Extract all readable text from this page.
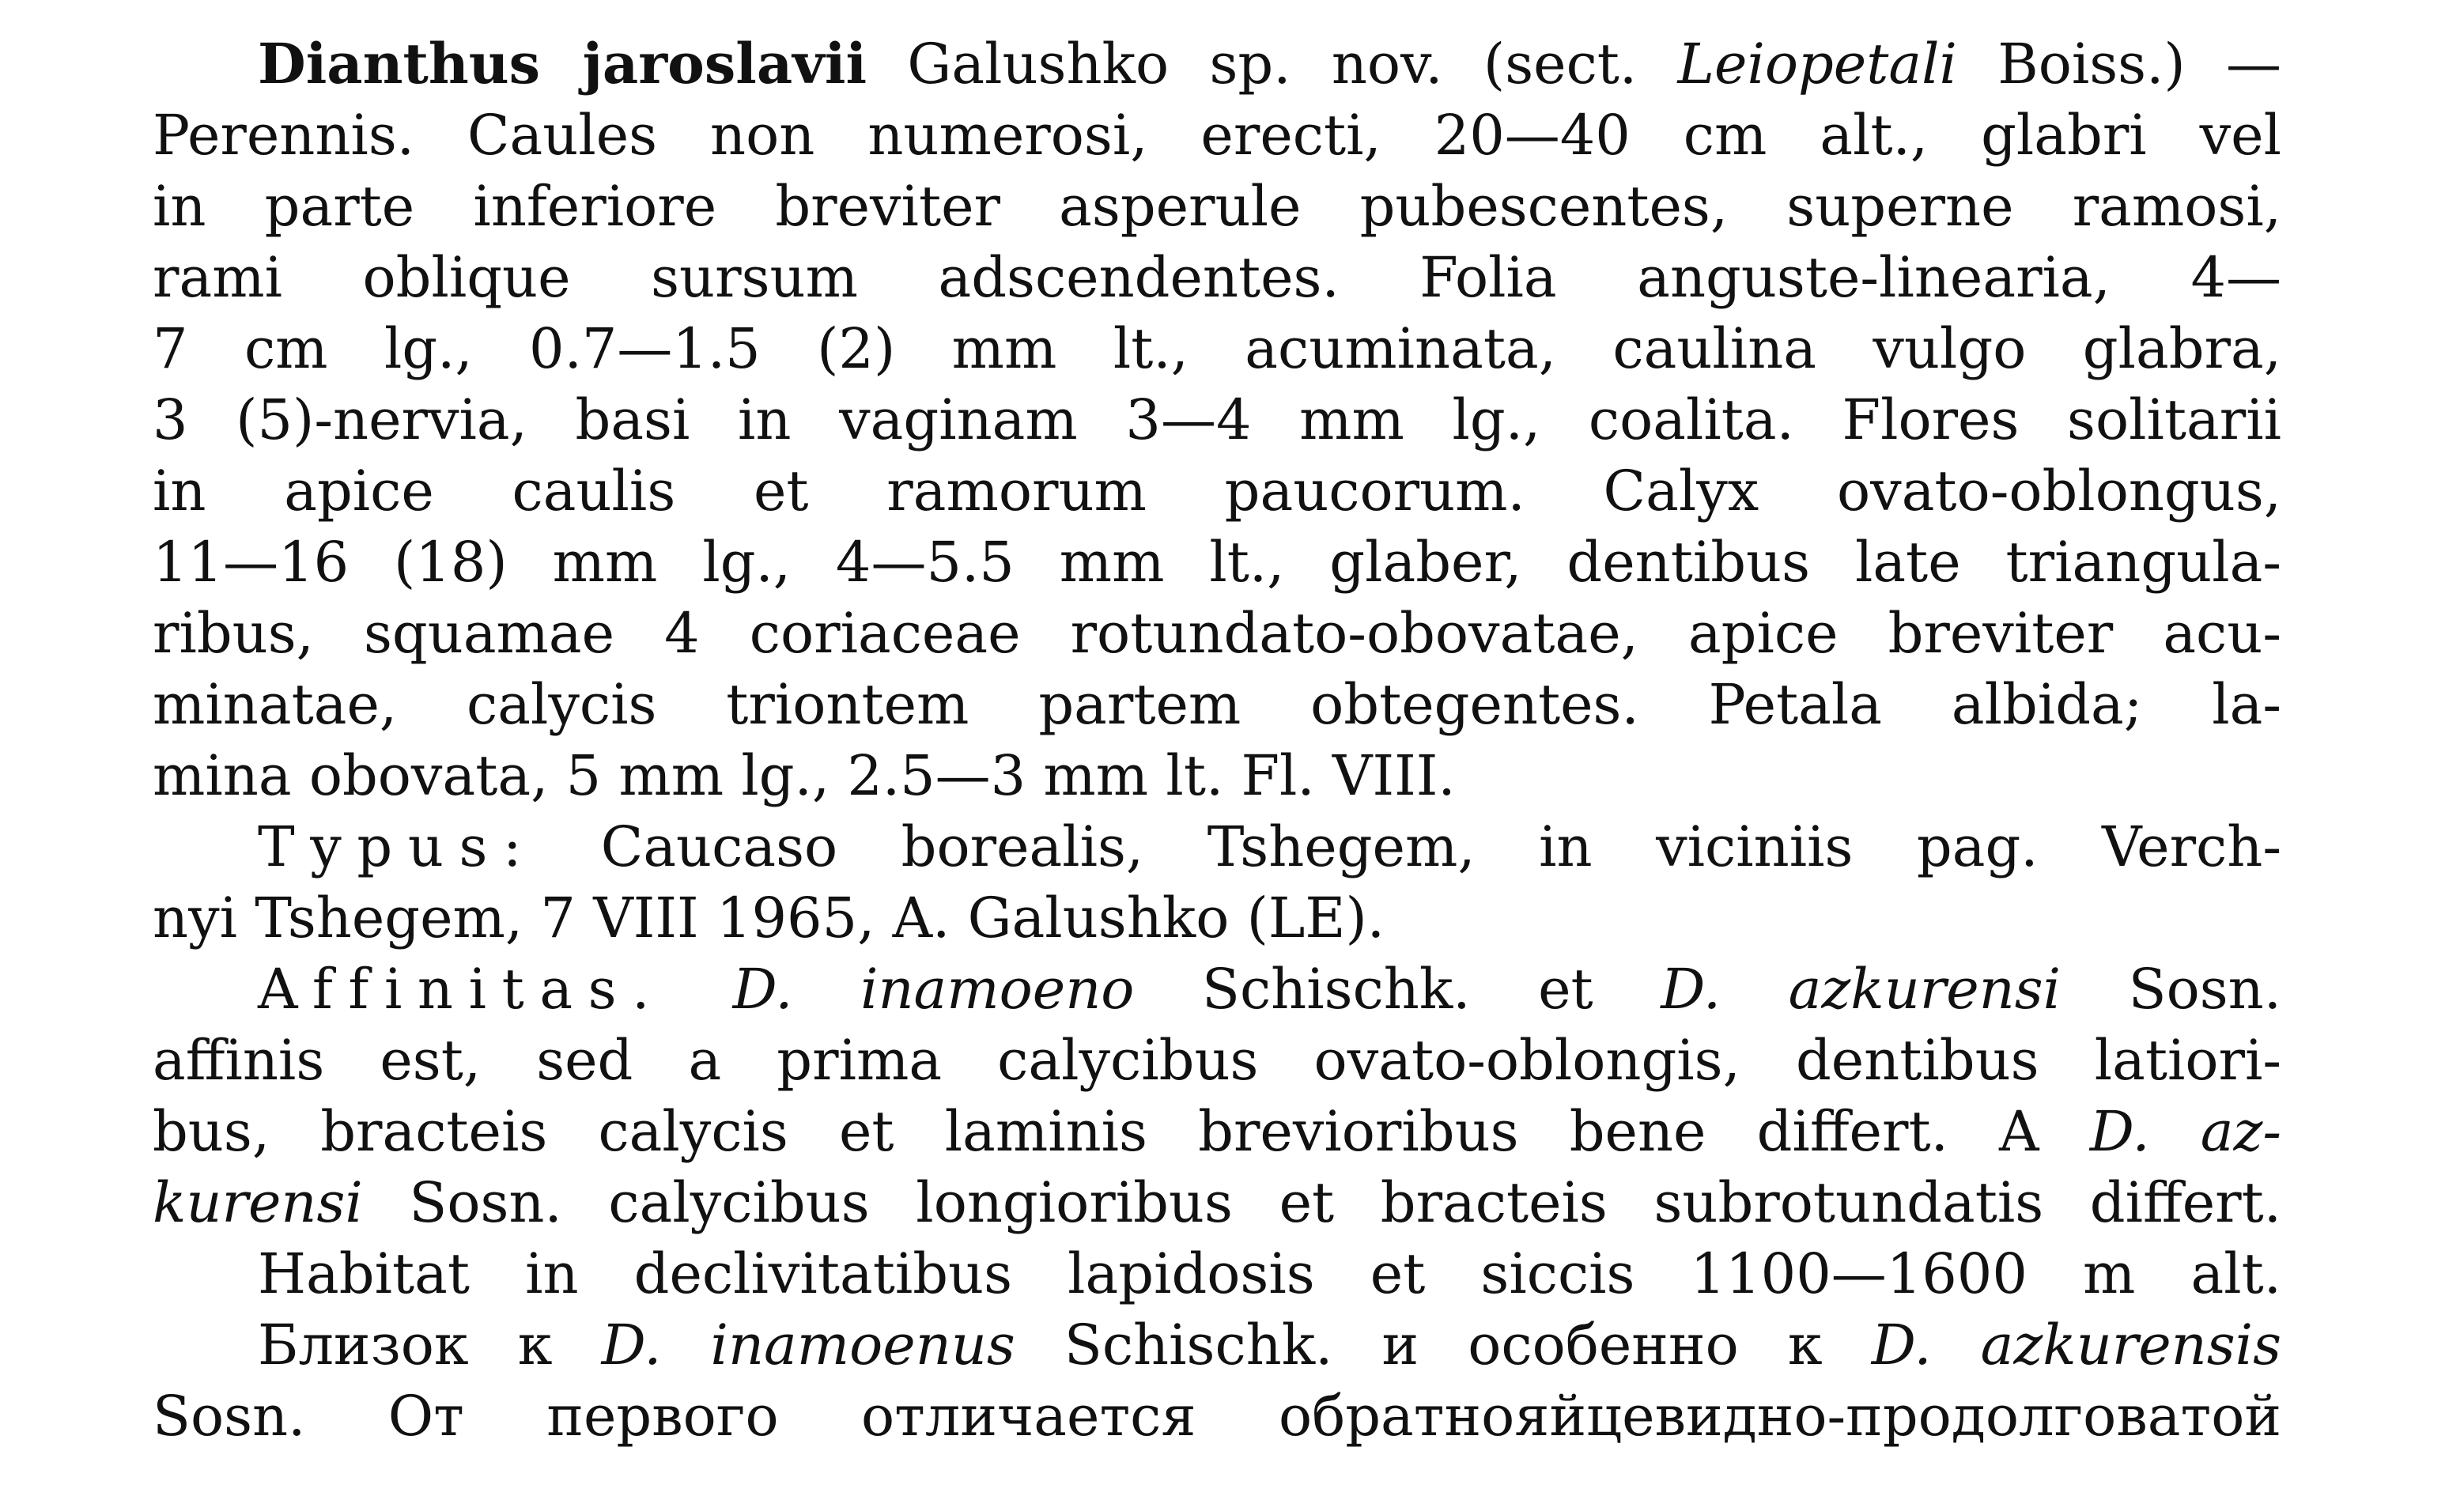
Dianthus jaroslavii Galushko sp. nov. (sect. Leiopetali Boiss.) —
Perennis. Caules non numerosi, erecti, 20—40 cm alt., glabri vel
in parte inferiore breviter asperule pubescentes, superne ramosi,
rami oblique sursum adscendentes. Folia anguste-linearia, 4—
7 cm lg., 0.7—1.5 (2) mm lt., acuminata, caulina vulgo glabra,
3 (5)-nervia, basi in vaginam 3—4 mm lg., coalita. Flores solitarii
in apice caulis et ramorum paucorum. Calyx ovato-oblongus,
11—16 (18) mm lg., 4—5.5 mm lt., glaber, dentibus late triangula-
ribus, squamae 4 coriaceae rotundato-obovatae, apice breviter acu-
minatae, calycis triontem partem obtegentes. Petala albida; la-
mina obovata, 5 mm lg., 2.5—3 mm lt. Fl. VIII.
Typus: Caucaso borealis, Tshegem, in viciniis pag. Verch-
nyi Tshegem, 7 VIII 1965, A. Galushko (LE).
Affinitas. D. inamoeno Schischk. et D. azkurensi Sosn.
affinis est, sed a prima calycibus ovato-oblongis, dentibus latiori-
bus, bracteis calycis et laminis brevioribus bene differt. A D. az-
kurensi Sosn. calycibus longioribus et bracteis subrotundatis differt.
Habitat in declivitatibus lapidosis et siccis 1100—1600 m alt.
Близок к D. inamoenus Schischk. и особенно к D. azkurensis
Sosn. От первого отличается обратнояйцевидно-продолговатой
